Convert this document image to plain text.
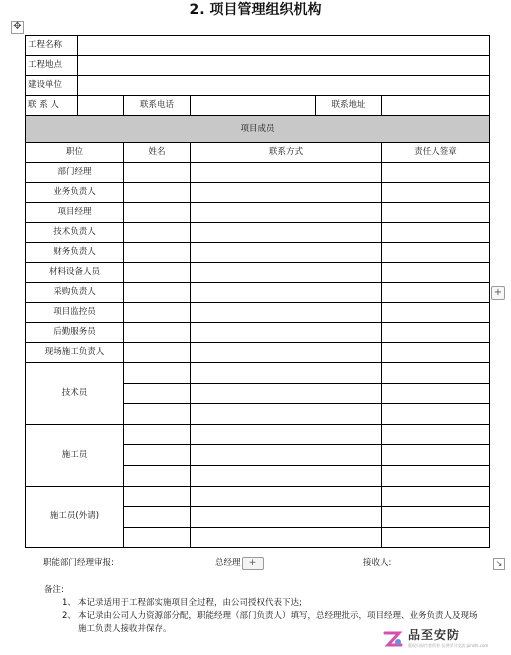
2. 项目管理组织机构
✥
工程名称					
工程地点					
建设单位					
联 系 人		联系电话		联系地址	
项目成员					
职位		姓名	联系方式		责任人签章
部门经理					
业务负责人					
项目经理					
技术负责人					
财务负责人					
材料设备人员					
采购负责人					
项目监控员					
后勤服务员					
现场施工负责人					
技术员					

施工员					

施工员(外请)					

职能部门经理审报:	总经理 +	接收人:
+
↘
备注:
1、 本记录适用于工程部实施项目全过程，由公司授权代表下达;
2、 本记录由公司人力资源部分配，职能经理（部门负责人）填写，总经理批示，项目经理、业务负责人及现场施工负责人接收并保存。	品至安防
版权归原作者所有 仅供学习交流 pinzhi.com
